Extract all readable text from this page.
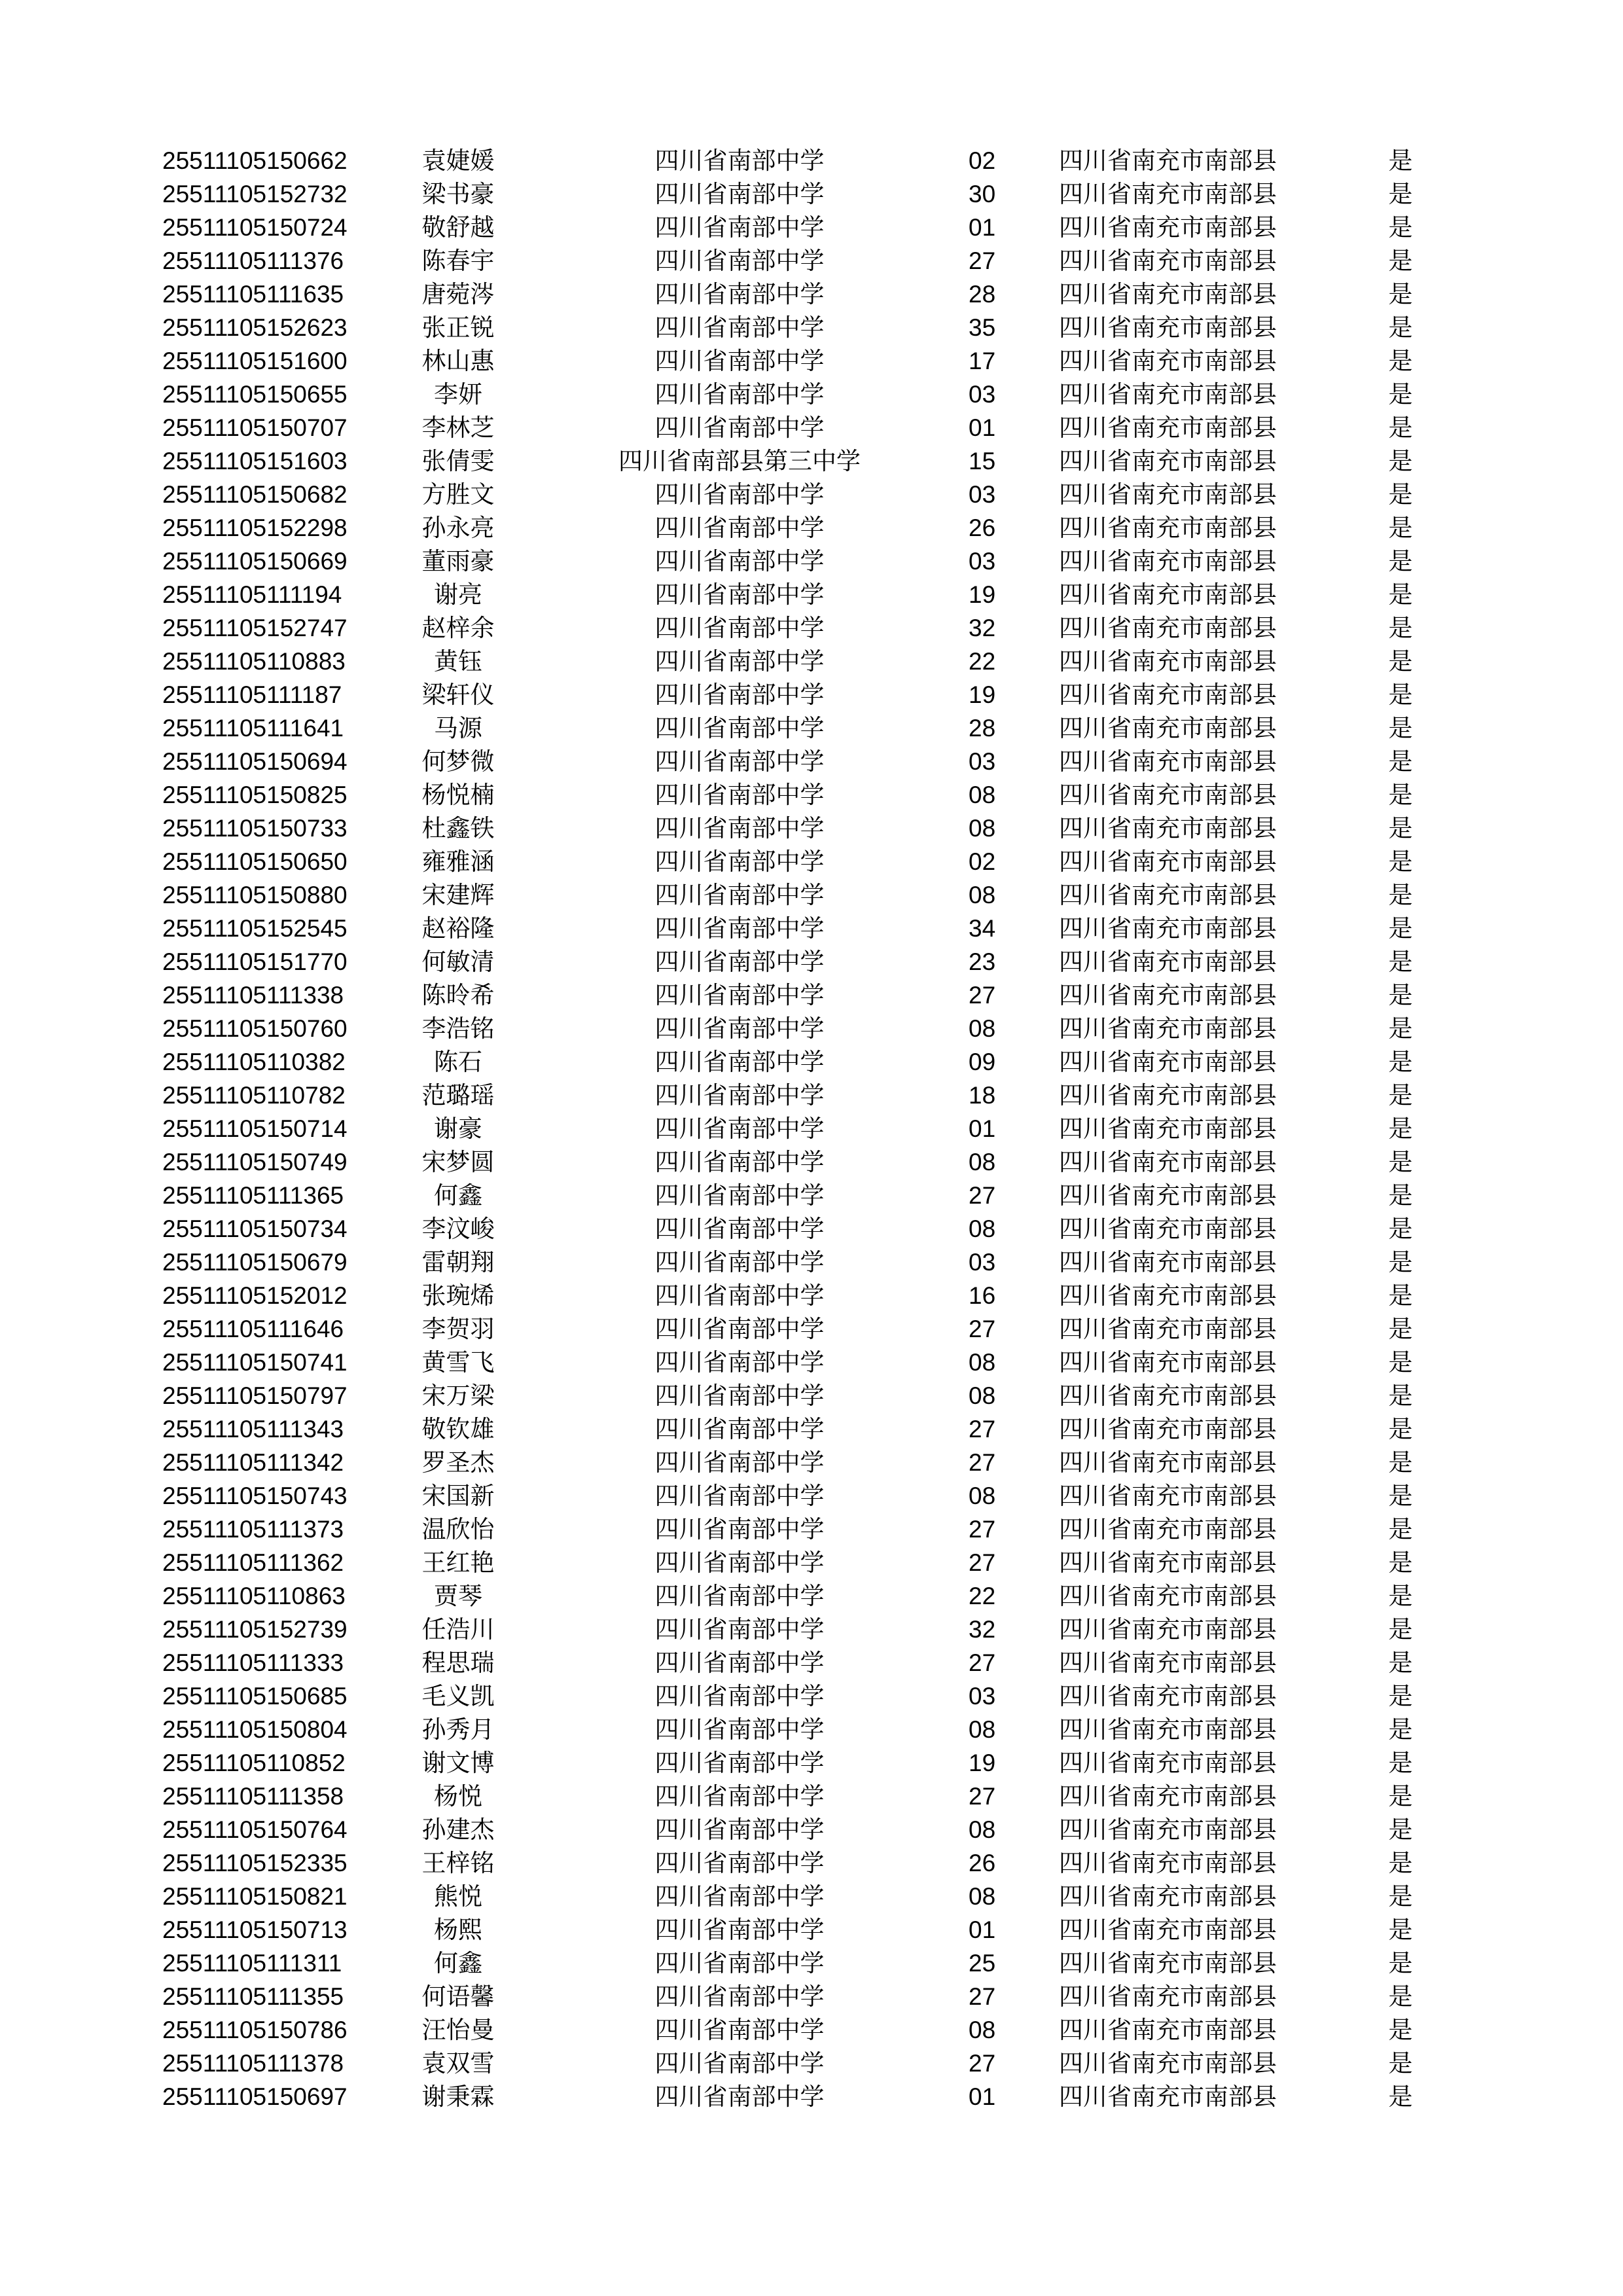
25511105150662	袁婕媛	四川省南部中学	02	四川省南充市南部县	是
25511105152732	梁书豪	四川省南部中学	30	四川省南充市南部县	是
25511105150724	敬舒越	四川省南部中学	01	四川省南充市南部县	是
25511105111376	陈春宇	四川省南部中学	27	四川省南充市南部县	是
25511105111635	唐菀涔	四川省南部中学	28	四川省南充市南部县	是
25511105152623	张正锐	四川省南部中学	35	四川省南充市南部县	是
25511105151600	林山惠	四川省南部中学	17	四川省南充市南部县	是
25511105150655	李妍	四川省南部中学	03	四川省南充市南部县	是
25511105150707	李林芝	四川省南部中学	01	四川省南充市南部县	是
25511105151603	张倩雯	四川省南部县第三中学	15	四川省南充市南部县	是
25511105150682	方胜文	四川省南部中学	03	四川省南充市南部县	是
25511105152298	孙永亮	四川省南部中学	26	四川省南充市南部县	是
25511105150669	董雨豪	四川省南部中学	03	四川省南充市南部县	是
25511105111194	谢亮	四川省南部中学	19	四川省南充市南部县	是
25511105152747	赵梓余	四川省南部中学	32	四川省南充市南部县	是
25511105110883	黄钰	四川省南部中学	22	四川省南充市南部县	是
25511105111187	梁轩仪	四川省南部中学	19	四川省南充市南部县	是
25511105111641	马源	四川省南部中学	28	四川省南充市南部县	是
25511105150694	何梦微	四川省南部中学	03	四川省南充市南部县	是
25511105150825	杨悦楠	四川省南部中学	08	四川省南充市南部县	是
25511105150733	杜鑫铁	四川省南部中学	08	四川省南充市南部县	是
25511105150650	雍雅涵	四川省南部中学	02	四川省南充市南部县	是
25511105150880	宋建辉	四川省南部中学	08	四川省南充市南部县	是
25511105152545	赵裕隆	四川省南部中学	34	四川省南充市南部县	是
25511105151770	何敏清	四川省南部中学	23	四川省南充市南部县	是
25511105111338	陈昤希	四川省南部中学	27	四川省南充市南部县	是
25511105150760	李浩铭	四川省南部中学	08	四川省南充市南部县	是
25511105110382	陈石	四川省南部中学	09	四川省南充市南部县	是
25511105110782	范璐瑶	四川省南部中学	18	四川省南充市南部县	是
25511105150714	谢豪	四川省南部中学	01	四川省南充市南部县	是
25511105150749	宋梦圆	四川省南部中学	08	四川省南充市南部县	是
25511105111365	何鑫	四川省南部中学	27	四川省南充市南部县	是
25511105150734	李汶峻	四川省南部中学	08	四川省南充市南部县	是
25511105150679	雷朝翔	四川省南部中学	03	四川省南充市南部县	是
25511105152012	张琬烯	四川省南部中学	16	四川省南充市南部县	是
25511105111646	李贺羽	四川省南部中学	27	四川省南充市南部县	是
25511105150741	黄雪飞	四川省南部中学	08	四川省南充市南部县	是
25511105150797	宋万梁	四川省南部中学	08	四川省南充市南部县	是
25511105111343	敬钦雄	四川省南部中学	27	四川省南充市南部县	是
25511105111342	罗圣杰	四川省南部中学	27	四川省南充市南部县	是
25511105150743	宋国新	四川省南部中学	08	四川省南充市南部县	是
25511105111373	温欣怡	四川省南部中学	27	四川省南充市南部县	是
25511105111362	王红艳	四川省南部中学	27	四川省南充市南部县	是
25511105110863	贾琴	四川省南部中学	22	四川省南充市南部县	是
25511105152739	任浩川	四川省南部中学	32	四川省南充市南部县	是
25511105111333	程思瑞	四川省南部中学	27	四川省南充市南部县	是
25511105150685	毛义凯	四川省南部中学	03	四川省南充市南部县	是
25511105150804	孙秀月	四川省南部中学	08	四川省南充市南部县	是
25511105110852	谢文博	四川省南部中学	19	四川省南充市南部县	是
25511105111358	杨悦	四川省南部中学	27	四川省南充市南部县	是
25511105150764	孙建杰	四川省南部中学	08	四川省南充市南部县	是
25511105152335	王梓铭	四川省南部中学	26	四川省南充市南部县	是
25511105150821	熊悦	四川省南部中学	08	四川省南充市南部县	是
25511105150713	杨熙	四川省南部中学	01	四川省南充市南部县	是
25511105111311	何鑫	四川省南部中学	25	四川省南充市南部县	是
25511105111355	何语馨	四川省南部中学	27	四川省南充市南部县	是
25511105150786	汪怡曼	四川省南部中学	08	四川省南充市南部县	是
25511105111378	袁双雪	四川省南部中学	27	四川省南充市南部县	是
25511105150697	谢秉霖	四川省南部中学	01	四川省南充市南部县	是
